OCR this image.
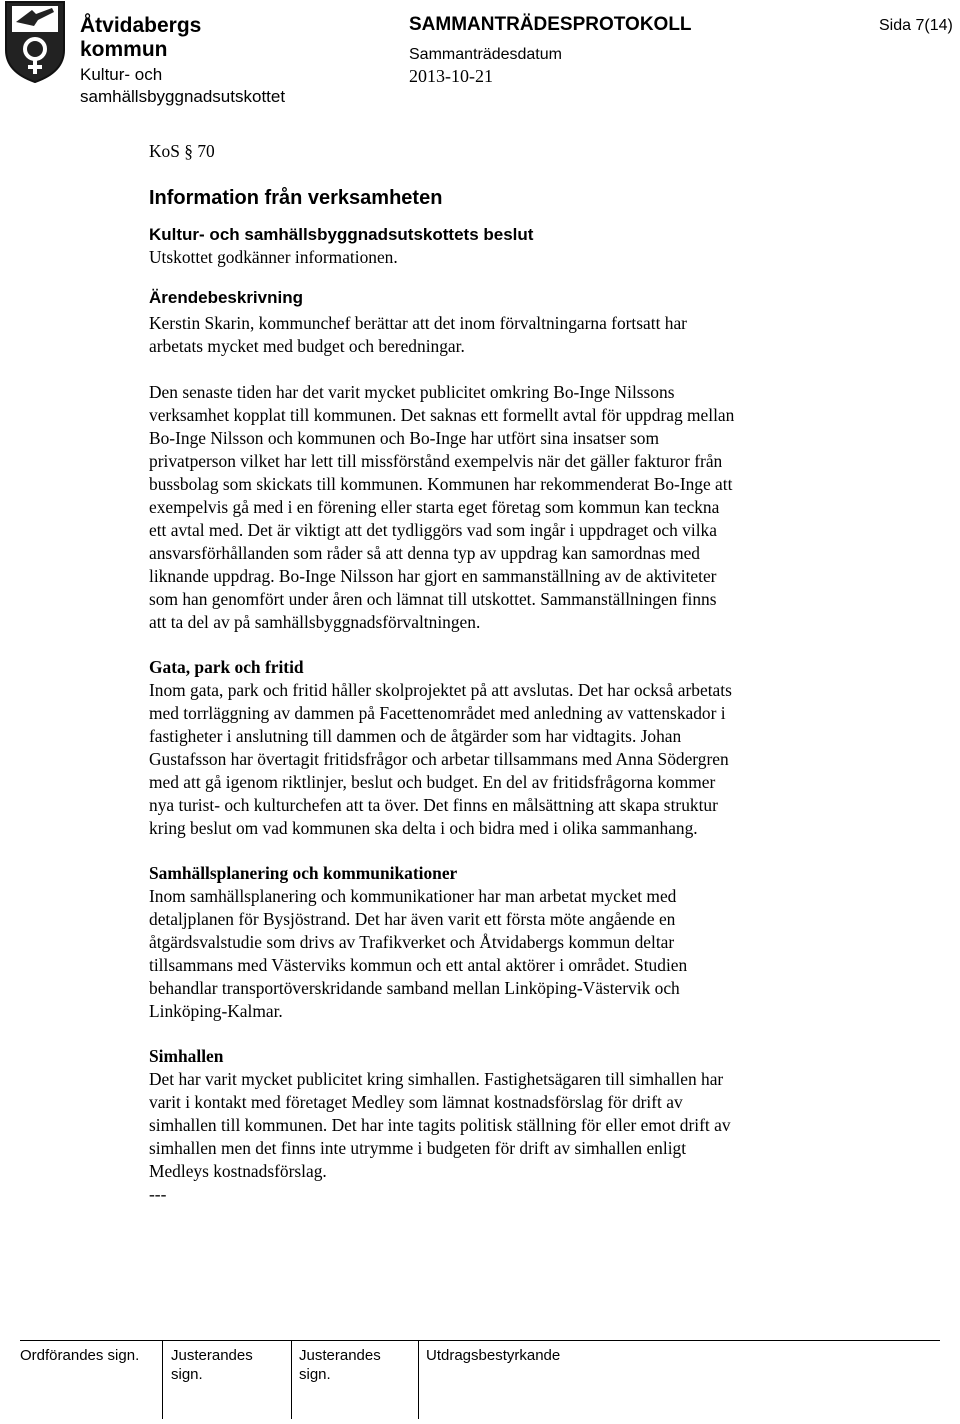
Åtvidabergs
kommun
Kultur- och
samhällsbyggnadsutskottet
SAMMANTRÄDESPROTOKOLL
Sammanträdesdatum
2013-10-21
Sida 7(14)

KoS § 70

Information från verksamheten

Kultur- och samhällsbyggnadsutskottets beslut

Utskottet godkänner informationen.

Ärendebeskrivning

Kerstin Skarin, kommunchef berättar att det inom förvaltningarna fortsatt har

arbetats mycket med budget och beredningar.

Den senaste tiden har det varit mycket publicitet omkring Bo-Inge Nilssons

verksamhet kopplat till kommunen. Det saknas ett formellt avtal för uppdrag mellan

Bo-Inge Nilsson och kommunen och Bo-Inge har utfört sina insatser som

privatperson vilket har lett till missförstånd exempelvis när det gäller fakturor från

bussbolag som skickats till kommunen. Kommunen har rekommenderat Bo-Inge att

exempelvis gå med i en förening eller starta eget företag som kommun kan teckna

ett avtal med. Det är viktigt att det tydliggörs vad som ingår i uppdraget och vilka

ansvarsförhållanden som råder så att denna typ av uppdrag kan samordnas med

liknande uppdrag. Bo-Inge Nilsson har gjort en sammanställning av de aktiviteter

som han genomfört under åren och lämnat till utskottet. Sammanställningen finns

att ta del av på samhällsbyggnadsförvaltningen.

Gata, park och fritid

Inom gata, park och fritid håller skolprojektet på att avslutas. Det har också arbetats

med torrläggning av dammen på Facettenområdet med anledning av vattenskador i

fastigheter i anslutning till dammen och de åtgärder som har vidtagits. Johan

Gustafsson har övertagit fritidsfrågor och arbetar tillsammans med Anna Södergren

med att gå igenom riktlinjer, beslut och budget. En del av fritidsfrågorna kommer

nya turist- och kulturchefen att ta över. Det finns en målsättning att skapa struktur

kring beslut om vad kommunen ska delta i och bidra med i olika sammanhang.

Samhällsplanering och kommunikationer

Inom samhällsplanering och kommunikationer har man arbetat mycket med

detaljplanen för Bysjöstrand. Det har även varit ett första möte angående en

åtgärdsvalstudie som drivs av Trafikverket och Åtvidabergs kommun deltar

tillsammans med Västerviks kommun och ett antal aktörer i området. Studien

behandlar transportöverskridande samband mellan Linköping-Västervik och

Linköping-Kalmar.

Simhallen

Det har varit mycket publicitet kring simhallen. Fastighetsägaren till simhallen har

varit i kontakt med företaget Medley som lämnat kostnadsförslag för drift av

simhallen till kommunen. Det har inte tagits politisk ställning för eller emot drift av

simhallen men det finns inte utrymme i budgeten för drift av simhallen enligt

Medleys kostnadsförslag.

---

Ordförandes sign. Justerandes
sign.
Justerandes
sign.
Utdragsbestyrkande
